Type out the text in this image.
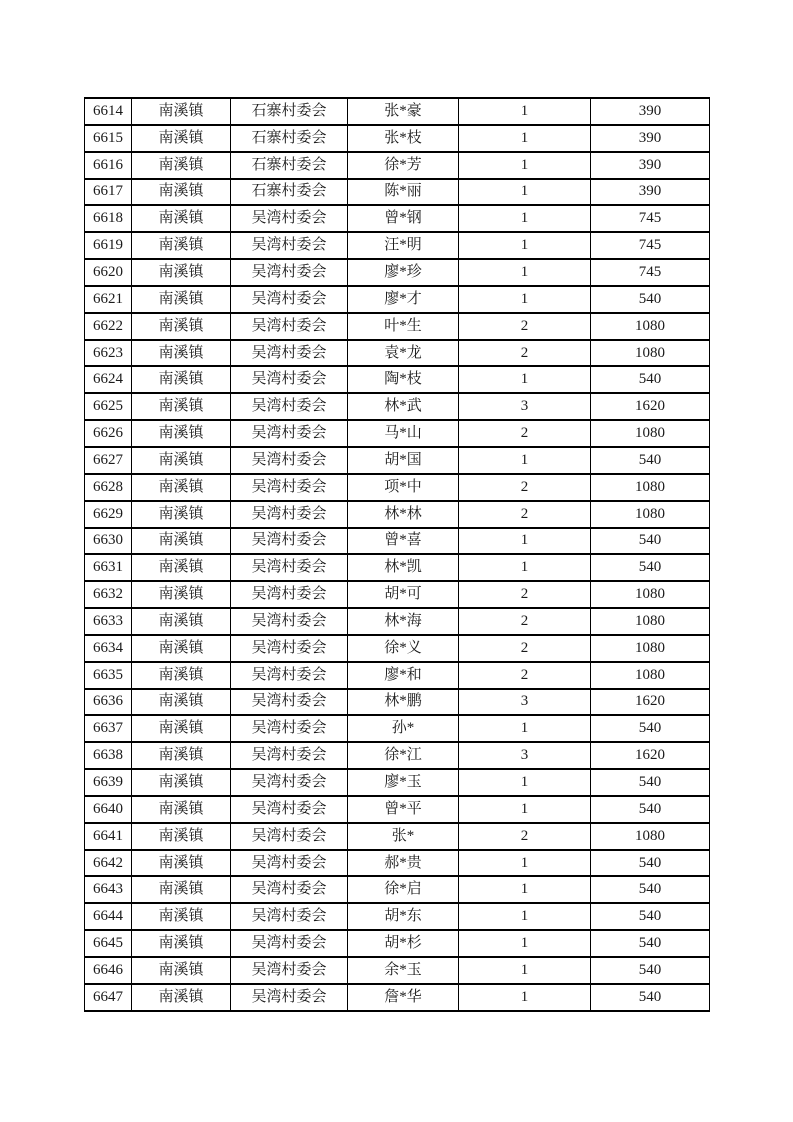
6614	南溪镇	石寨村委会	张*豪	1	390
6615	南溪镇	石寨村委会	张*枝	1	390
6616	南溪镇	石寨村委会	徐*芳	1	390
6617	南溪镇	石寨村委会	陈*丽	1	390
6618	南溪镇	吴湾村委会	曾*钢	1	745
6619	南溪镇	吴湾村委会	汪*明	1	745
6620	南溪镇	吴湾村委会	廖*珍	1	745
6621	南溪镇	吴湾村委会	廖*才	1	540
6622	南溪镇	吴湾村委会	叶*生	2	1080
6623	南溪镇	吴湾村委会	袁*龙	2	1080
6624	南溪镇	吴湾村委会	陶*枝	1	540
6625	南溪镇	吴湾村委会	林*武	3	1620
6626	南溪镇	吴湾村委会	马*山	2	1080
6627	南溪镇	吴湾村委会	胡*国	1	540
6628	南溪镇	吴湾村委会	项*中	2	1080
6629	南溪镇	吴湾村委会	林*林	2	1080
6630	南溪镇	吴湾村委会	曾*喜	1	540
6631	南溪镇	吴湾村委会	林*凯	1	540
6632	南溪镇	吴湾村委会	胡*可	2	1080
6633	南溪镇	吴湾村委会	林*海	2	1080
6634	南溪镇	吴湾村委会	徐*义	2	1080
6635	南溪镇	吴湾村委会	廖*和	2	1080
6636	南溪镇	吴湾村委会	林*鹏	3	1620
6637	南溪镇	吴湾村委会	孙*	1	540
6638	南溪镇	吴湾村委会	徐*江	3	1620
6639	南溪镇	吴湾村委会	廖*玉	1	540
6640	南溪镇	吴湾村委会	曾*平	1	540
6641	南溪镇	吴湾村委会	张*	2	1080
6642	南溪镇	吴湾村委会	郝*贵	1	540
6643	南溪镇	吴湾村委会	徐*启	1	540
6644	南溪镇	吴湾村委会	胡*东	1	540
6645	南溪镇	吴湾村委会	胡*杉	1	540
6646	南溪镇	吴湾村委会	余*玉	1	540
6647	南溪镇	吴湾村委会	詹*华	1	540
